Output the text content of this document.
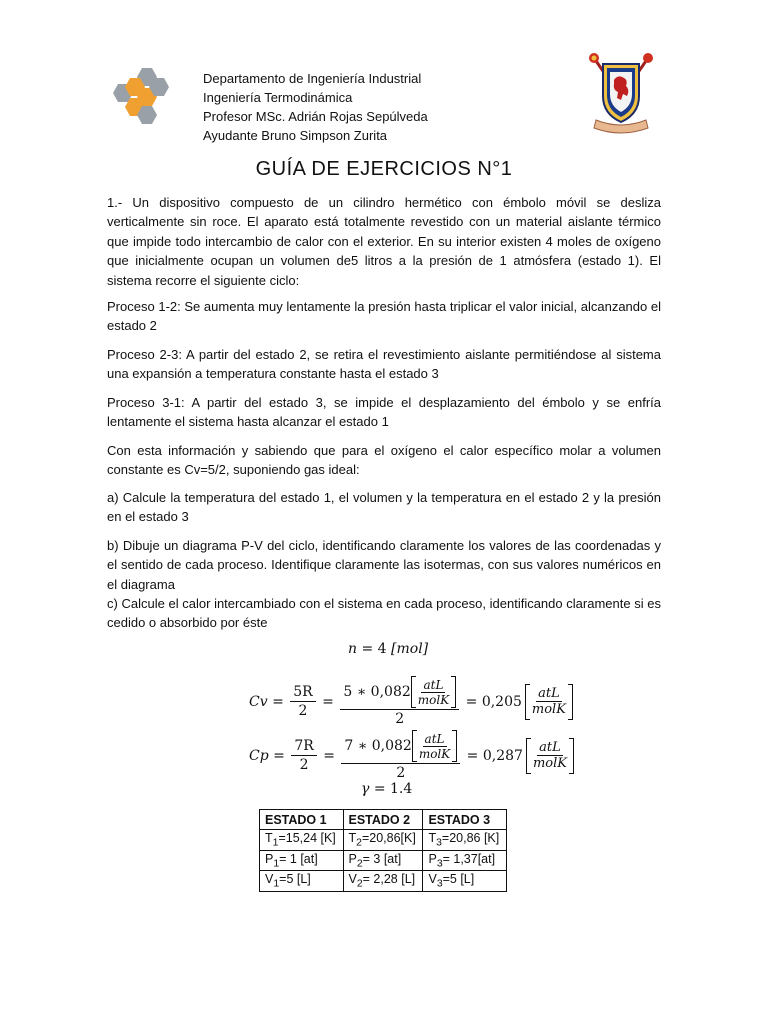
Departamento de Ingeniería Industrial
Ingeniería Termodinámica
Profesor MSc. Adrián Rojas Sepúlveda
Ayudante Bruno Simpson Zurita
GUÍA DE EJERCICIOS N°1
1.- Un dispositivo compuesto de un cilindro hermético con émbolo móvil se desliza verticalmente sin roce. El aparato está totalmente revestido con un material aislante térmico que impide todo intercambio de calor con el exterior. En su interior existen 4 moles de oxígeno que inicialmente ocupan un volumen de5 litros a la presión de 1 atmósfera (estado 1). El sistema recorre el siguiente ciclo:
Proceso 1-2: Se aumenta muy lentamente la presión hasta triplicar el valor inicial, alcanzando el estado 2
Proceso 2-3: A partir del estado 2, se retira el revestimiento aislante permitiéndose al sistema una expansión a temperatura constante hasta el estado 3
Proceso 3-1: A partir del estado 3, se impide el desplazamiento del émbolo y se enfría lentamente el sistema hasta alcanzar el estado 1
Con esta información y sabiendo que para el oxígeno el calor específico molar a volumen constante es Cv=5/2, suponiendo gas ideal:
a) Calcule la temperatura del estado 1, el volumen y la temperatura en el estado 2 y la presión en el estado 3
b) Dibuje un diagrama P-V del ciclo, identificando claramente los valores de las coordenadas y el sentido de cada proceso. Identifique claramente las isotermas, con sus valores numéricos en el diagrama
c) Calcule el calor intercambiado con el sistema en cada proceso, identificando claramente si es cedido o absorbido por éste
n = 4 [mol]
$Cv = \frac{5R}{2} = \frac{5 ∗ 0,082 \frac{\text{atL}}{\text{molK}}}{2} = 0,205 \frac{\text{atL}}{\text{molK}}$
$Cp = \frac{7R}{2} = \frac{7 ∗ 0,082 \frac{\text{atL}}{\text{molK}}}{2} = 0,287 \frac{\text{atL}}{\text{molK}}$
γ = 1.4
ESTADO 1	ESTADO 2	ESTADO 3
$T_1=15,24$ [K]	$T_2=20,86[K]$	$T_3=20,86$ [K]
$P_1= 1$ [at]	$P_2= 3$ [at]	$P_3= 1,37[at]$
$V_1=5$ [L]	$V_2= 2,28$ [L]	$V_3=5$ [L]
